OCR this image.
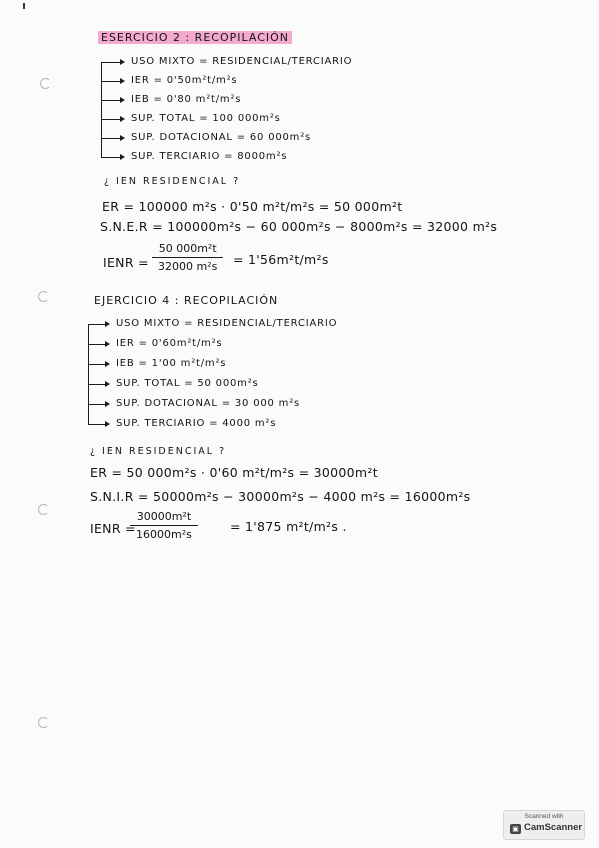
ESERCICIO 2 : RECOPILACIÓN
USO MIXTO = RESIDENCIAL/TERCIARIO
IER = 0'50m²t/m²s
IEB = 0'80 m²t/m²s
SUP. TOTAL = 100 000m²s
SUP. DOTACIONAL = 60 000m²s
SUP. TERCIARIO = 8000m²s
¿ IEN RESIDENCIAL ?
ER = 100000 m²s · 0'50 m²t/m²s = 50 000m²t
S.N.E.R = 100000m²s − 60 000m²s − 8000m²s = 32000 m²s
IENR = $\frac{\text{50 000m²t}}{\text{32000 m²s}} = 1'56m^2t/m^2s$
EJERCICIO 4 : RECOPILACIÓN
USO MIXTO = RESIDENCIAL/TERCIARIO
IER = 0'60m²t/m²s
IEB = 1'00 m²t/m²s
SUP. TOTAL = 50 000m²s
SUP. DOTACIONAL = 30 000 m²s
SUP. TERCIARIO = 4000 m²s
¿ IEN RESIDENCIAL ?
ER = 50 000m²s · 0'60 m²t/m²s = 30000m²t
S.N.I.R = 50000m²s − 30000m²s − 4000 m²s = 16000m²s
IENR =
$\frac{\text{30000m²t}}{\text{16000m²s}}$	= 1'875 m²t/m²s .
Scanned with
▣ CamScanner
